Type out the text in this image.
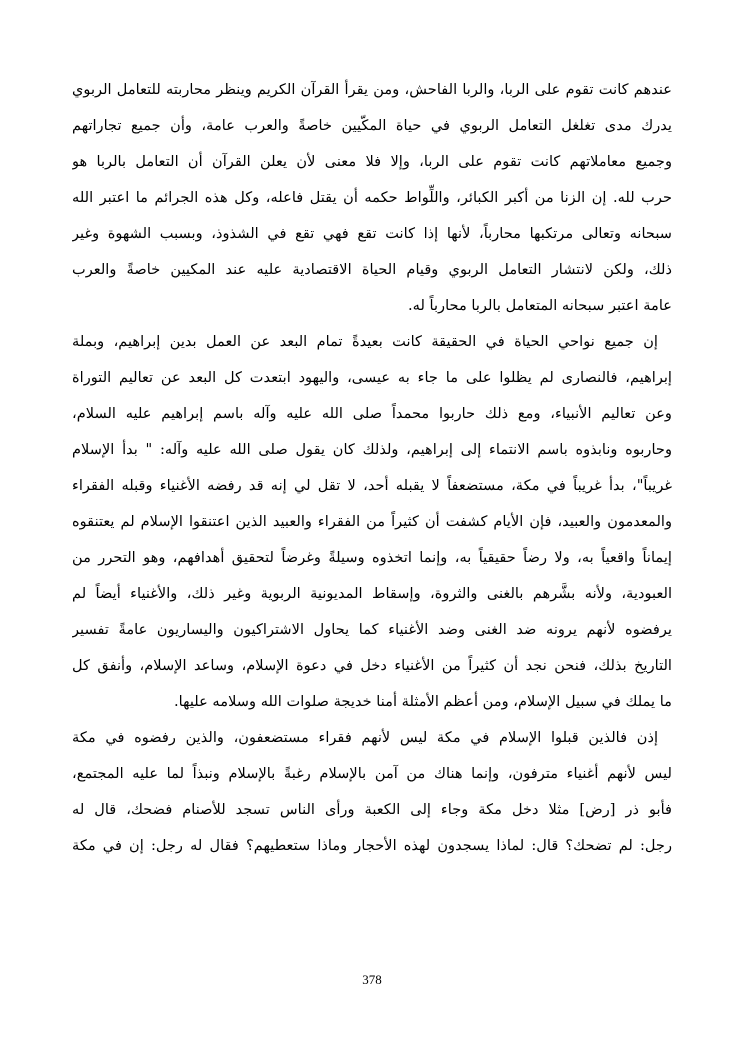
عندهم كانت تقوم على الربا، والربا الفاحش، ومن يقرأ القرآن الكريم وينظر محاربته للتعامل الربوي
يدرك مدى تغلغل التعامل الربوي في حياة المكّيين خاصةً والعرب عامة، وأن جميع تجاراتهم
وجميع معاملاتهم كانت تقوم على الربا، وإلا فلا معنى لأن يعلن القرآن أن التعامل بالربا هو
حرب لله. إن الزنا من أكبر الكبائر، واللِّواط حكمه أن يقتل فاعله، وكل هذه الجرائم ما اعتبر الله
سبحانه وتعالى مرتكبها محارباً، لأنها إذا كانت تقع فهي تقع في الشذوذ، وبسبب الشهوة وغير
ذلك، ولكن لانتشار التعامل الربوي وقيام الحياة الاقتصادية عليه عند المكيين خاصةً والعرب
عامة اعتبر سبحانه المتعامل بالربا محارباً له.
إن جميع نواحي الحياة في الحقيقة كانت بعيدةً تمام البعد عن العمل بدين إبراهيم، وبملة
إبراهيم، فالنصارى لم يظلوا على ما جاء به عيسى، واليهود ابتعدت كل البعد عن تعاليم التوراة
وعن تعاليم الأنبياء، ومع ذلك حاربوا محمداً صلى الله عليه وآله باسم إبراهيم عليه السلام،
وحاربوه ونابذوه باسم الانتماء إلى إبراهيم، ولذلك كان يقول صلى الله عليه وآله: " بدأ الإسلام
غريباً"، بدأ غريباً في مكة، مستضعفاً لا يقبله أحد، لا تقل لي إنه قد رفضه الأغنياء وقبله الفقراء
والمعدمون والعبيد، فإن الأيام كشفت أن كثيراً من الفقراء والعبيد الذين اعتنقوا الإسلام لم يعتنقوه
إيماناً واقعياً به، ولا رضاً حقيقياً به، وإنما اتخذوه وسيلةً وغرضاً لتحقيق أهدافهم، وهو التحرر من
العبودية، ولأنه بشَّرهم بالغنى والثروة، وإسقاط المديونية الربوية وغير ذلك، والأغنياء أيضاً لم
يرفضوه لأنهم يرونه ضد الغنى وضد الأغنياء كما يحاول الاشتراكيون واليساريون عامةً تفسير
التاريخ بذلك، فنحن نجد أن كثيراً من الأغنياء دخل في دعوة الإسلام، وساعد الإسلام، وأنفق كل
ما يملك في سبيل الإسلام، ومن أعظم الأمثلة أمنا خديجة صلوات الله وسلامه عليها.
إذن فالذين قبلوا الإسلام في مكة ليس لأنهم فقراء مستضعفون، والذين رفضوه في مكة
ليس لأنهم أغنياء مترفون، وإنما هناك من آمن بالإسلام رغبةً بالإسلام ونبذاً لما عليه المجتمع،
فأبو ذر [رض] مثلا دخل مكة وجاء إلى الكعبة ورأى الناس تسجد للأصنام فضحك، قال له
رجل: لم تضحك؟ قال: لماذا يسجدون لهذه الأحجار وماذا ستعطيهم؟ فقال له رجل: إن في مكة
378
